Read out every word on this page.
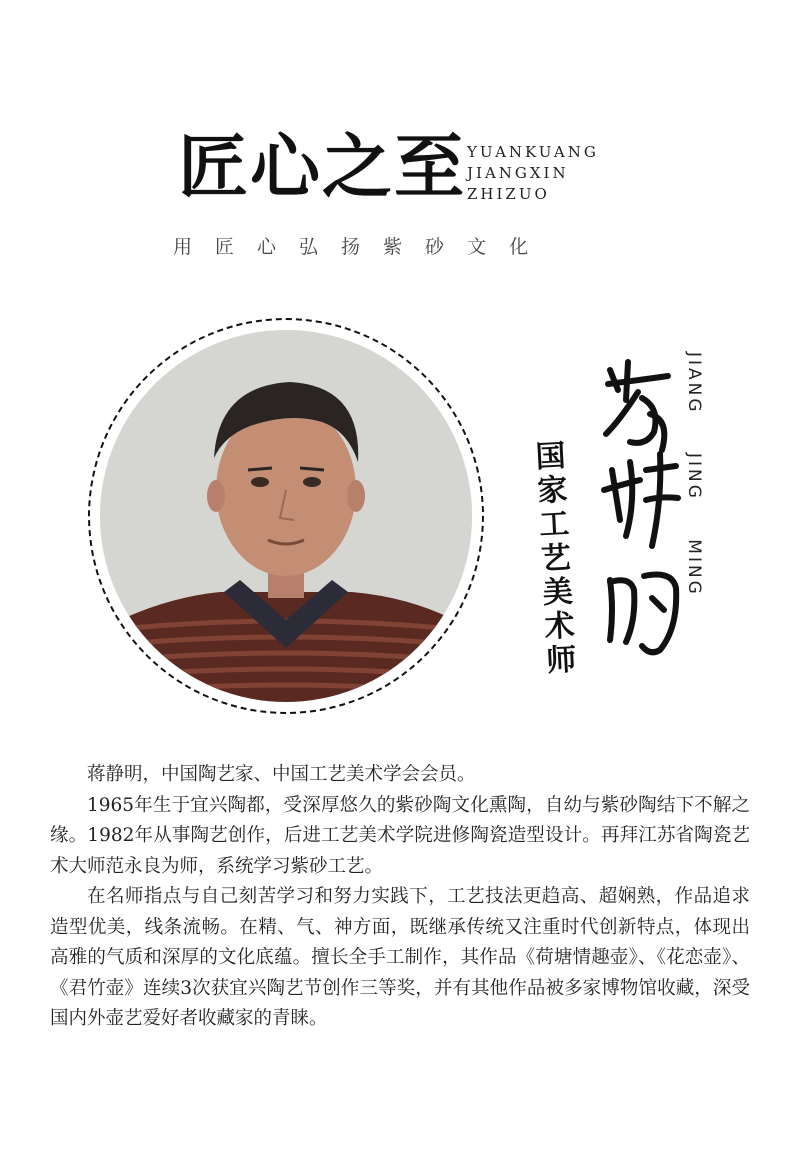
匠心之至 YUANKUANG
JIANGXIN
ZHIZUO
用匠心弘扬紫砂文化
JIANG JING MING
国家工艺美术师

蒋静明，中国陶艺家、中国工艺美术学会会员。

1965年生于宜兴陶都，受深厚悠久的紫砂陶文化熏陶，自幼与紫砂陶结下不解之缘。1982年从事陶艺创作，后进工艺美术学院进修陶瓷造型设计。再拜江苏省陶瓷艺术大师范永良为师，系统学习紫砂工艺。

在名师指点与自己刻苦学习和努力实践下，工艺技法更趋高、超娴熟，作品追求造型优美，线条流畅。在精、气、神方面，既继承传统又注重时代创新特点，体现出高雅的气质和深厚的文化底蕴。擅长全手工制作，其作品《荷塘情趣壶》、《花恋壶》、《君竹壶》连续3次获宜兴陶艺节创作三等奖，并有其他作品被多家博物馆收藏，深受国内外壶艺爱好者收藏家的青睐。
